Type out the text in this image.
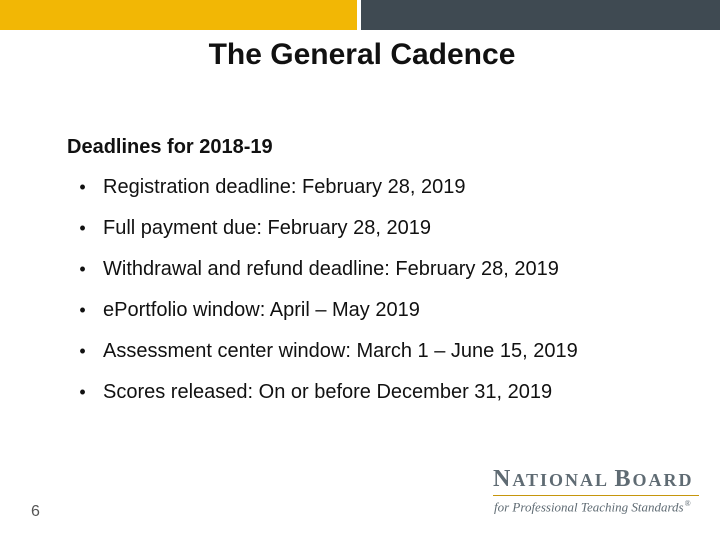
The General Cadence
Deadlines for 2018-19
• Registration deadline: February 28, 2019
• Full payment due: February 28, 2019
• Withdrawal and refund deadline: February 28, 2019
• ePortfolio window: April – May 2019
• Assessment center window: March 1 – June 15, 2019
• Scores released: On or before December 31, 2019
6
NATIONAL BOARD
for Professional Teaching Standards®
